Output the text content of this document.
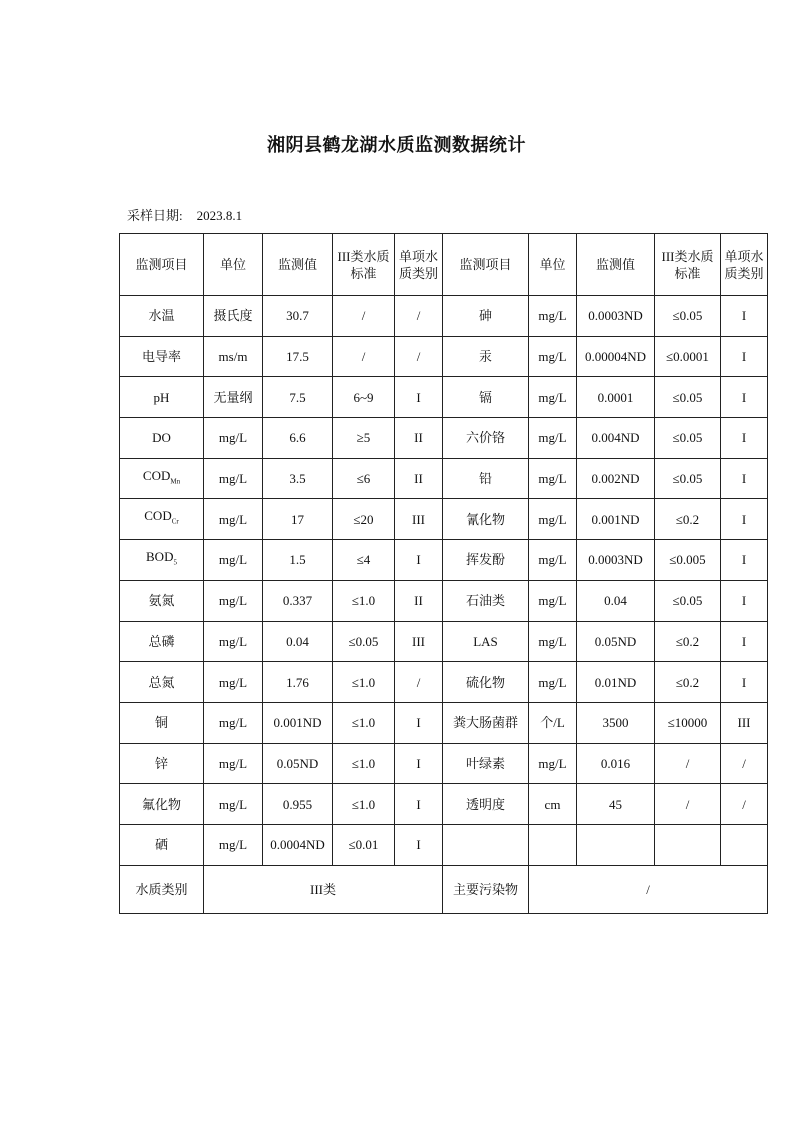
湘阴县鹤龙湖水质监测数据统计
采样日期: 2023.8.1
监测项目	单位	监测值	III类水质标准	单项水质类别	监测项目	单位	监测值	III类水质标准	单项水质类别
水温	摄氏度	30.7	/	/	砷	mg/L	0.0003ND	≤0.05	I
电导率	ms/m	17.5	/	/	汞	mg/L	0.00004ND	≤0.0001	I
pH	无量纲	7.5	6~9	I	镉	mg/L	0.0001	≤0.05	I
DO	mg/L	6.6	≥5	II	六价铬	mg/L	0.004ND	≤0.05	I
$COD_{Mn}$	mg/L	3.5	≤6	II	铅	mg/L	0.002ND	≤0.05	I
$COD_{Cr}$	mg/L	17	≤20	III	氰化物	mg/L	0.001ND	≤0.2	I
$BOD_5$	mg/L	1.5	≤4	I	挥发酚	mg/L	0.0003ND	≤0.005	I
氨氮	mg/L	0.337	≤1.0	II	石油类	mg/L	0.04	≤0.05	I
总磷	mg/L	0.04	≤0.05	III	LAS	mg/L	0.05ND	≤0.2	I
总氮	mg/L	1.76	≤1.0	/	硫化物	mg/L	0.01ND	≤0.2	I
铜	mg/L	0.001ND	≤1.0	I	粪大肠菌群	个/L	3500	≤10000	III
锌	mg/L	0.05ND	≤1.0	I	叶绿素	mg/L	0.016	/	/
氟化物	mg/L	0.955	≤1.0	I	透明度	cm	45	/	/
硒	mg/L	0.0004ND	≤0.01	I					
水质类别	III类				主要污染物	/			
